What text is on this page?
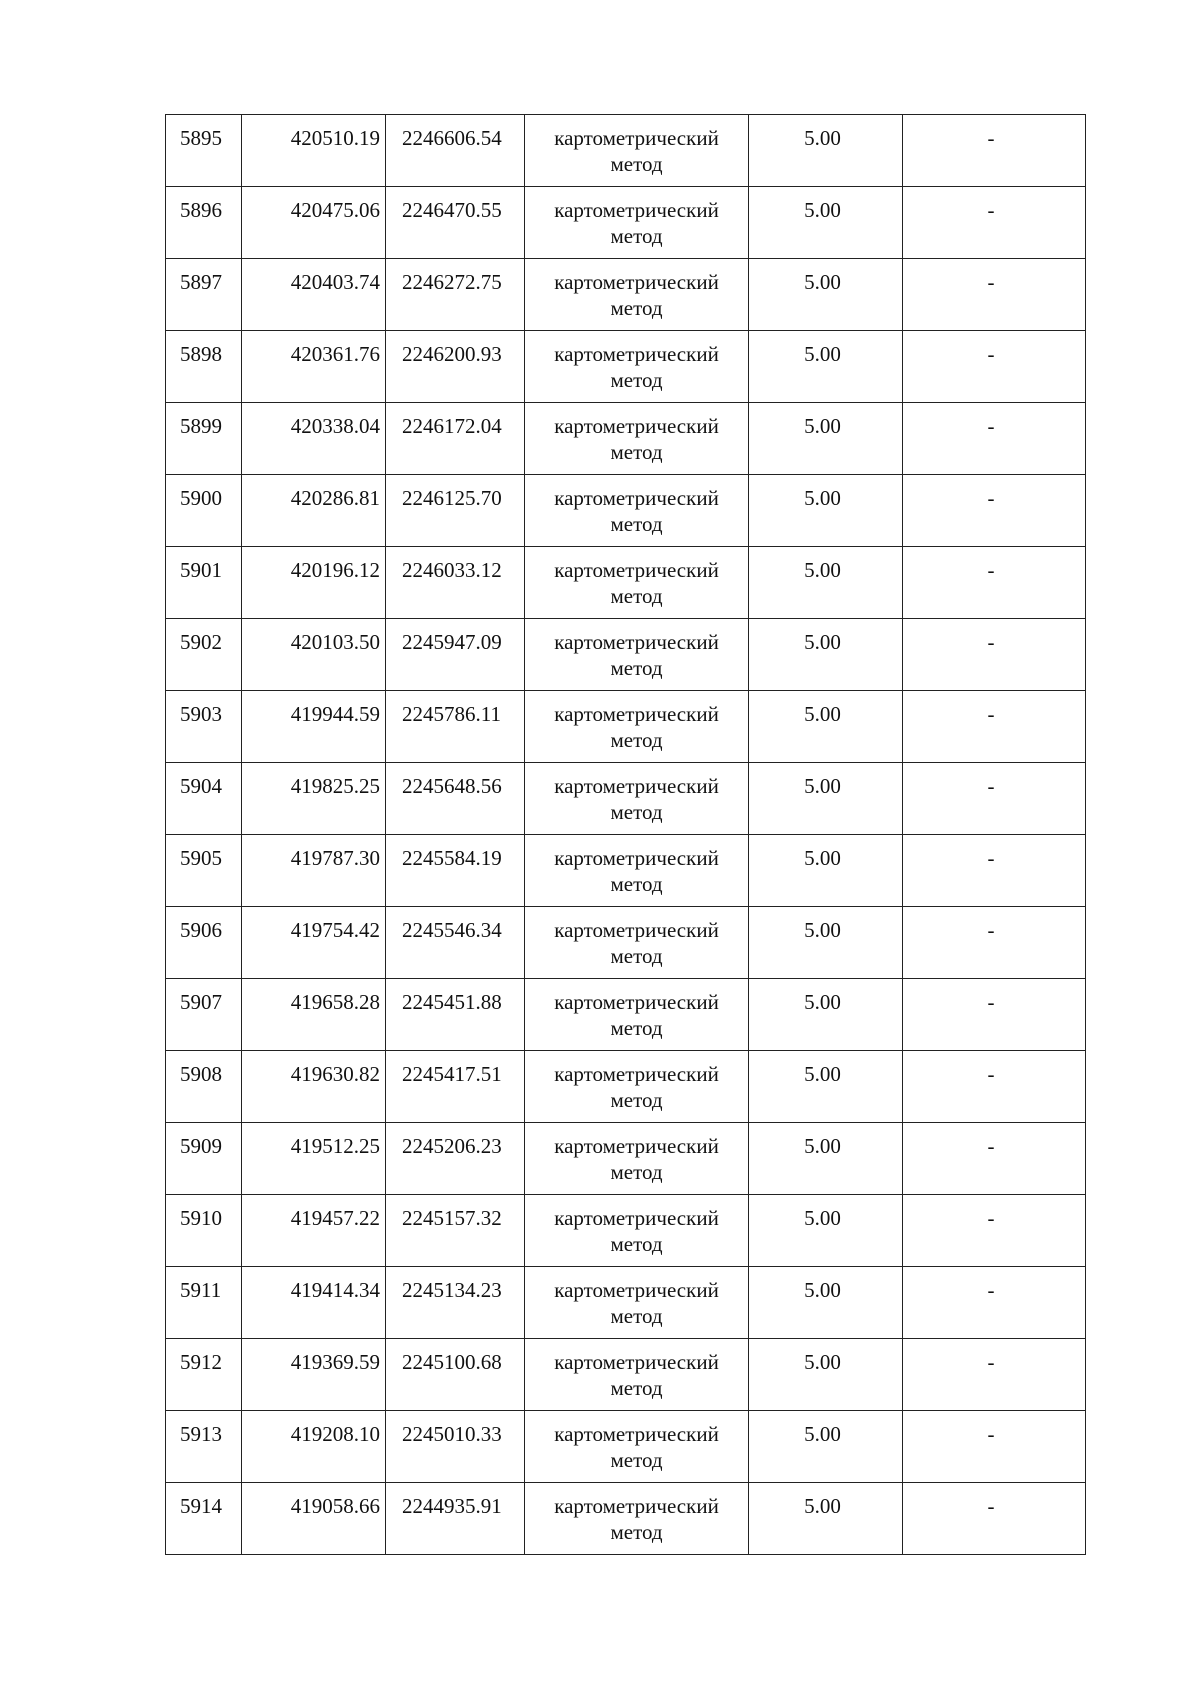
5895	420510.19	2246606.54	картометрический метод	5.00	-
5896	420475.06	2246470.55	картометрический метод	5.00	-
5897	420403.74	2246272.75	картометрический метод	5.00	-
5898	420361.76	2246200.93	картометрический метод	5.00	-
5899	420338.04	2246172.04	картометрический метод	5.00	-
5900	420286.81	2246125.70	картометрический метод	5.00	-
5901	420196.12	2246033.12	картометрический метод	5.00	-
5902	420103.50	2245947.09	картометрический метод	5.00	-
5903	419944.59	2245786.11	картометрический метод	5.00	-
5904	419825.25	2245648.56	картометрический метод	5.00	-
5905	419787.30	2245584.19	картометрический метод	5.00	-
5906	419754.42	2245546.34	картометрический метод	5.00	-
5907	419658.28	2245451.88	картометрический метод	5.00	-
5908	419630.82	2245417.51	картометрический метод	5.00	-
5909	419512.25	2245206.23	картометрический метод	5.00	-
5910	419457.22	2245157.32	картометрический метод	5.00	-
5911	419414.34	2245134.23	картометрический метод	5.00	-
5912	419369.59	2245100.68	картометрический метод	5.00	-
5913	419208.10	2245010.33	картометрический метод	5.00	-
5914	419058.66	2244935.91	картометрический метод	5.00	-
